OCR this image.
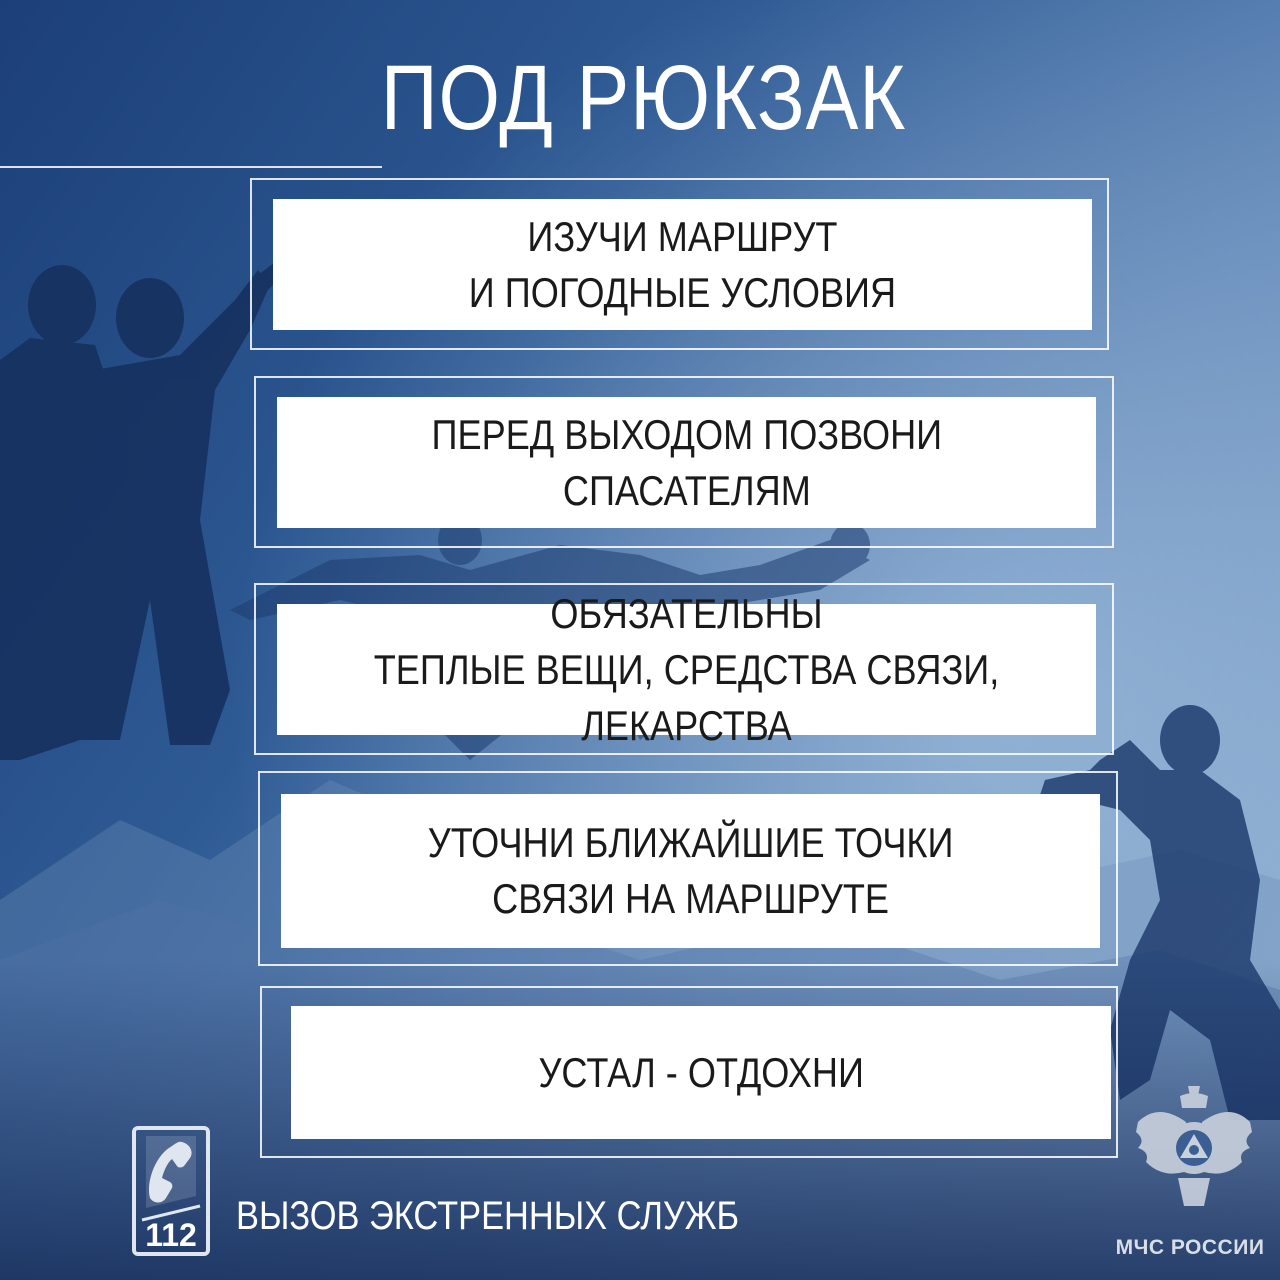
ПОД РЮКЗАК
ИЗУЧИ МАРШРУТ
И ПОГОДНЫЕ УСЛОВИЯ
ПЕРЕД ВЫХОДОМ ПОЗВОНИ
СПАСАТЕЛЯМ
ОБЯЗАТЕЛЬНЫ
ТЕПЛЫЕ ВЕЩИ, СРЕДСТВА СВЯЗИ, ЛЕКАРСТВА
УТОЧНИ БЛИЖАЙШИЕ ТОЧКИ
СВЯЗИ НА МАРШРУТЕ
УСТАЛ - ОТДОХНИ
112 ВЫЗОВ ЭКСТРЕННЫХ СЛУЖБ
МЧС РОССИИ
